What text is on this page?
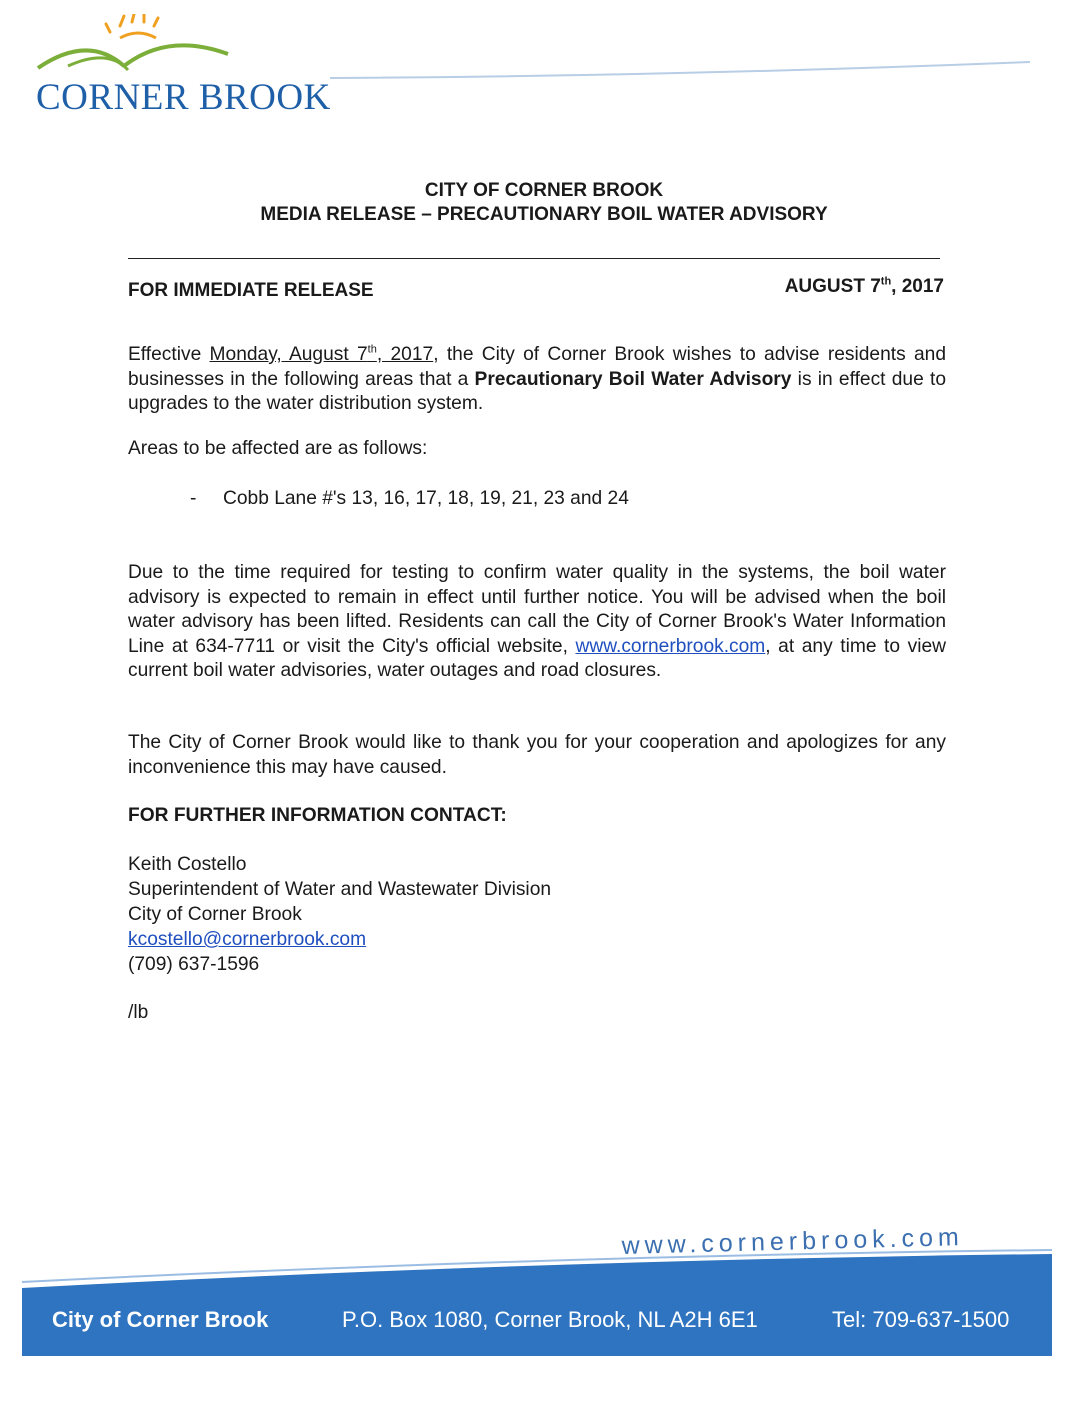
CORNER BROOK
CITY OF CORNER BROOK
MEDIA RELEASE – PRECAUTIONARY BOIL WATER ADVISORY
FOR IMMEDIATE RELEASE	AUGUST 7th, 2017
Effective Monday, August 7th, 2017, the City of Corner Brook wishes to advise residents and businesses in the following areas that a Precautionary Boil Water Advisory is in effect due to upgrades to the water distribution system.
Areas to be affected are as follows:
- Cobb Lane #'s 13, 16, 17, 18, 19, 21, 23 and 24
Due to the time required for testing to confirm water quality in the systems, the boil water advisory is expected to remain in effect until further notice. You will be advised when the boil water advisory has been lifted. Residents can call the City of Corner Brook's Water Information Line at 634-7711 or visit the City's official website, www.cornerbrook.com, at any time to view current boil water advisories, water outages and road closures.
The City of Corner Brook would like to thank you for your cooperation and apologizes for any inconvenience this may have caused.
FOR FURTHER INFORMATION CONTACT:
Keith Costello
Superintendent of Water and Wastewater Division
City of Corner Brook
kcostello@cornerbrook.com
(709) 637-1596
/lb
www.cornerbrook.com
City of Corner Brook	P.O. Box 1080, Corner Brook, NL A2H 6E1	Tel: 709-637-1500
